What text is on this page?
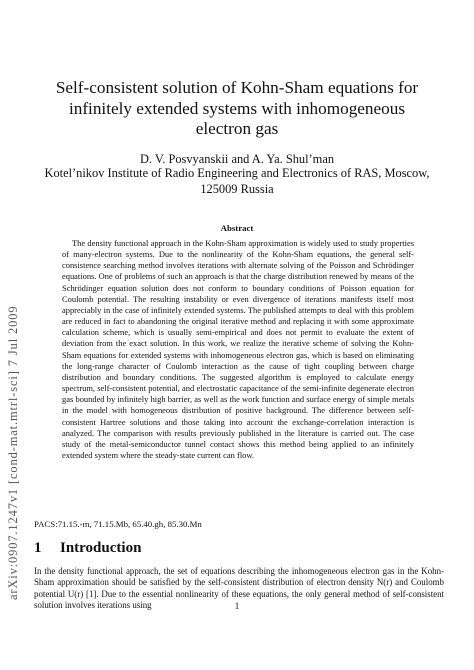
arXiv:0907.1247v1 [cond-mat.mtrl-sci] 7 Jul 2009
Self-consistent solution of Kohn-Sham equations for infinitely extended systems with inhomogeneous electron gas
D. V. Posvyanskii and A. Ya. Shul’man
Kotel’nikov Institute of Radio Engineering and Electronics of RAS, Moscow, 125009 Russia
Abstract
The density functional approach in the Kohn-Sham approximation is widely used to study properties of many-electron systems. Due to the nonlinearity of the Kohn-Sham equations, the general self-consistence searching method involves iterations with alternate solving of the Poisson and Schrödinger equations. One of problems of such an approach is that the charge distribution renewed by means of the Schrödinger equation solution does not conform to boundary conditions of Poisson equation for Coulomb potential. The resulting instability or even divergence of iterations manifests itself most appreciably in the case of infinitely extended systems. The published attempts to deal with this problem are reduced in fact to abandoning the original iterative method and replacing it with some approximate calculation scheme, which is usually semi-empirical and does not permit to evaluate the extent of deviation from the exact solution. In this work, we realize the iterative scheme of solving the Kohn-Sham equations for extended systems with inhomogeneous electron gas, which is based on eliminating the long-range character of Coulomb interaction as the cause of tight coupling between charge distribution and boundary conditions. The suggested algorithm is employed to calculate energy spectrum, self-consistent potential, and electrostatic capacitance of the semi-infinite degenerate electron gas bounded by infinitely high barrier, as well as the work function and surface energy of simple metals in the model with homogeneous distribution of positive background. The difference between self-consistent Hartree solutions and those taking into account the exchange-correlation interaction is analyzed. The comparison with results previously published in the literature is carried out. The case study of the metal-semiconductor tunnel contact shows this method being applied to an infinitely extended system where the steady-state current can flow.
PACS:71.15.-m, 71.15.Mb, 65.40.gh, 85.30.Mn
1 Introduction
In the density functional approach, the set of equations describing the inhomogeneous electron gas in the Kohn-Sham approximation should be satisfied by the self-consistent distribution of electron density N(r) and Coulomb potential U(r) [1]. Due to the essential nonlinearity of these equations, the only general method of self-consistent solution involves iterations using	1
